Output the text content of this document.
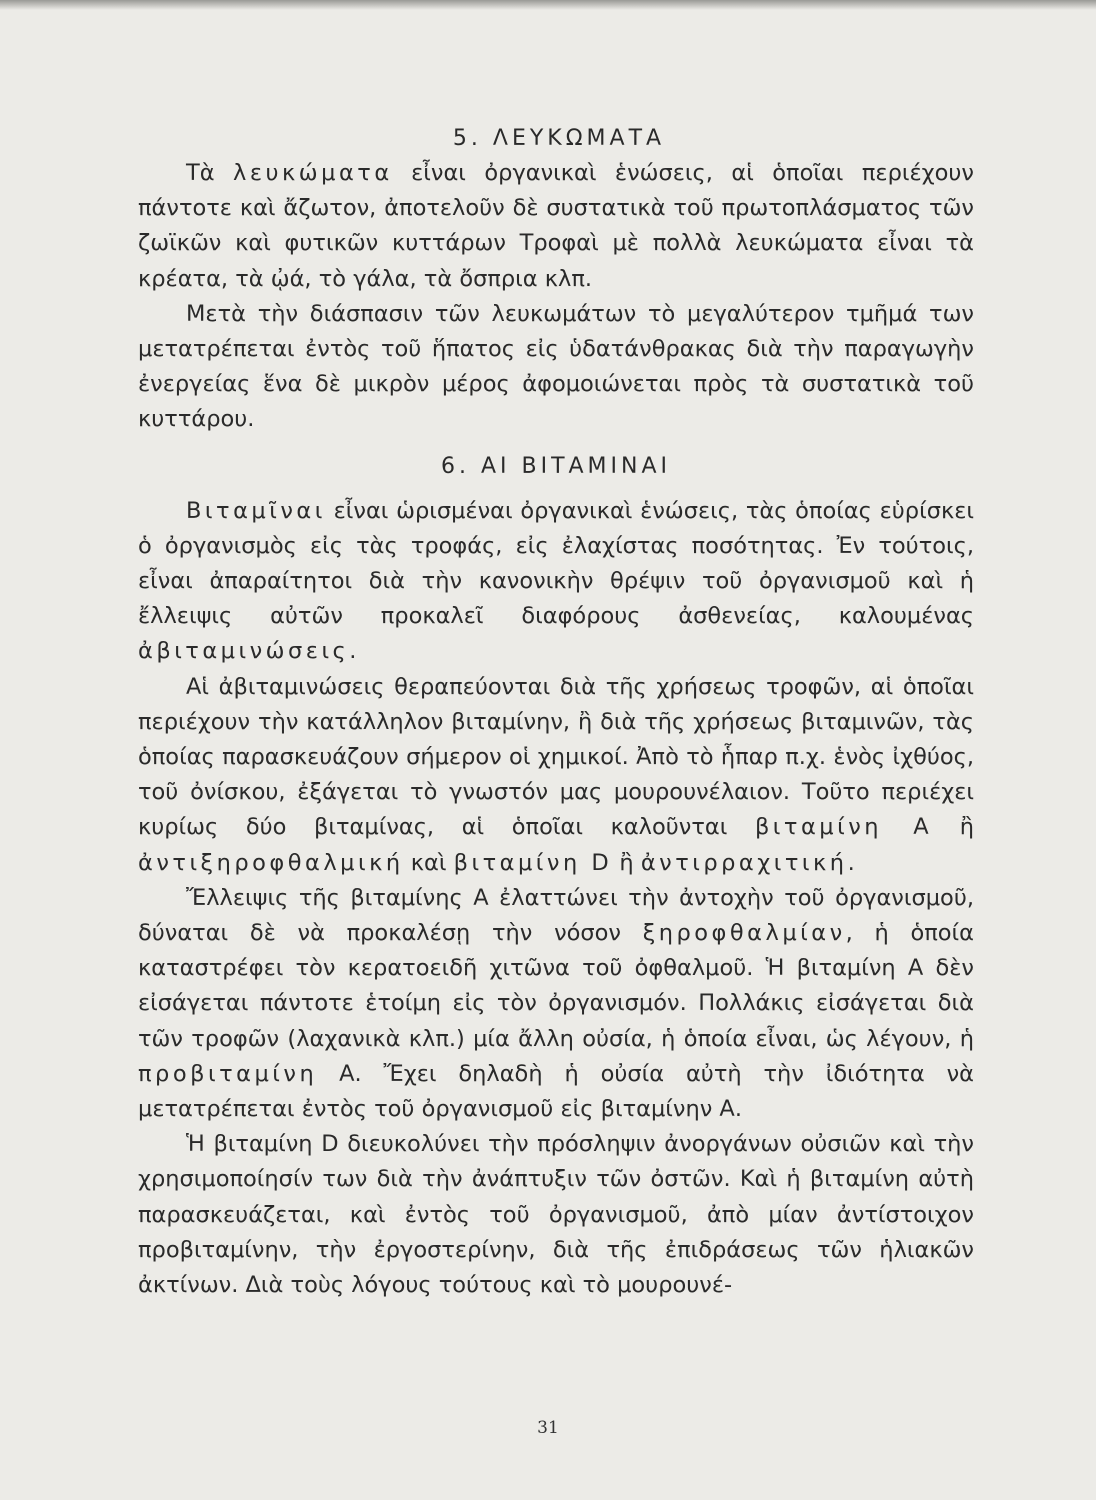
5. ΛΕΥΚΩΜΑΤΑ

Τὰ λευκώματα εἶναι ὀργανικαὶ ἑνώσεις, αἱ ὁποῖαι περιέχουν πάντοτε καὶ ἄζωτον, ἀποτελοῦν δὲ συστατικὰ τοῦ πρωτοπλάσματος τῶν ζωϊκῶν καὶ φυτικῶν κυττάρων Τροφαὶ μὲ πολλὰ λευκώματα εἶναι τὰ κρέατα, τὰ ᾠά, τὸ γάλα, τὰ ὄσπρια κλπ.

Μετὰ τὴν διάσπασιν τῶν λευκωμάτων τὸ μεγαλύτερον τμῆμά των μετατρέπεται ἐντὸς τοῦ ἥπατος εἰς ὑδατάνθρακας διὰ τὴν παραγωγὴν ἐνεργείας ἕνα δὲ μικρὸν μέρος ἀφομοιώνεται πρὸς τὰ συστατικὰ τοῦ κυττάρου.

6. ΑΙ ΒΙΤΑΜΙΝΑΙ

Βιταμῖναι εἶναι ὡρισμέναι ὀργανικαὶ ἑνώσεις, τὰς ὁποίας εὑρίσκει ὁ ὀργανισμὸς εἰς τὰς τροφάς, εἰς ἐλαχίστας ποσότητας. Ἐν τούτοις, εἶναι ἀπαραίτητοι διὰ τὴν κανονικὴν θρέψιν τοῦ ὀργανισμοῦ καὶ ἡ ἔλλειψις αὐτῶν προκαλεῖ διαφόρους ἀσθενείας, καλουμένας ἀβιταμινώσεις.

Αἱ ἀβιταμινώσεις θεραπεύονται διὰ τῆς χρήσεως τροφῶν, αἱ ὁποῖαι περιέχουν τὴν κατάλληλον βιταμίνην, ἢ διὰ τῆς χρήσεως βιταμινῶν, τὰς ὁποίας παρασκευάζουν σήμερον οἱ χημικοί. Ἀπὸ τὸ ἧπαρ π.χ. ἑνὸς ἰχθύος, τοῦ ὀνίσκου, ἐξάγεται τὸ γνωστόν μας μουρουνέλαιον. Τοῦτο περιέχει κυρίως δύο βιταμίνας, αἱ ὁποῖαι καλοῦνται βιταμίνη Α ἢ ἀντιξηροφθαλμική καὶ βιταμίνη D ἢ ἀντιρραχιτική.

Ἔλλειψις τῆς βιταμίνης Α ἐλαττώνει τὴν ἀντοχὴν τοῦ ὀργανισμοῦ, δύναται δὲ νὰ προκαλέσῃ τὴν νόσον ξηροφθαλμίαν, ἡ ὁποία καταστρέφει τὸν κερατοειδῆ χιτῶνα τοῦ ὀφθαλμοῦ. Ἡ βιταμίνη Α δὲν εἰσάγεται πάντοτε ἑτοίμη εἰς τὸν ὀργανισμόν. Πολλάκις εἰσάγεται διὰ τῶν τροφῶν (λαχανικὰ κλπ.) μία ἄλλη οὐσία, ἡ ὁποία εἶναι, ὡς λέγουν, ἡ προβιταμίνη Α. Ἔχει δηλαδὴ ἡ οὐσία αὐτὴ τὴν ἰδιότητα νὰ μετατρέπεται ἐντὸς τοῦ ὀργανισμοῦ εἰς βιταμίνην Α.

Ἡ βιταμίνη D διευκολύνει τὴν πρόσληψιν ἀνοργάνων οὐσιῶν καὶ τὴν χρησιμοποίησίν των διὰ τὴν ἀνάπτυξιν τῶν ὀστῶν. Καὶ ἡ βιταμίνη αὐτὴ παρασκευάζεται, καὶ ἐντὸς τοῦ ὀργανισμοῦ, ἀπὸ μίαν ἀντίστοιχον προβιταμίνην, τὴν ἐργοστερίνην, διὰ τῆς ἐπιδράσεως τῶν ἡλιακῶν ἀκτίνων. Διὰ τοὺς λόγους τούτους καὶ τὸ μουρουνέ-

31
